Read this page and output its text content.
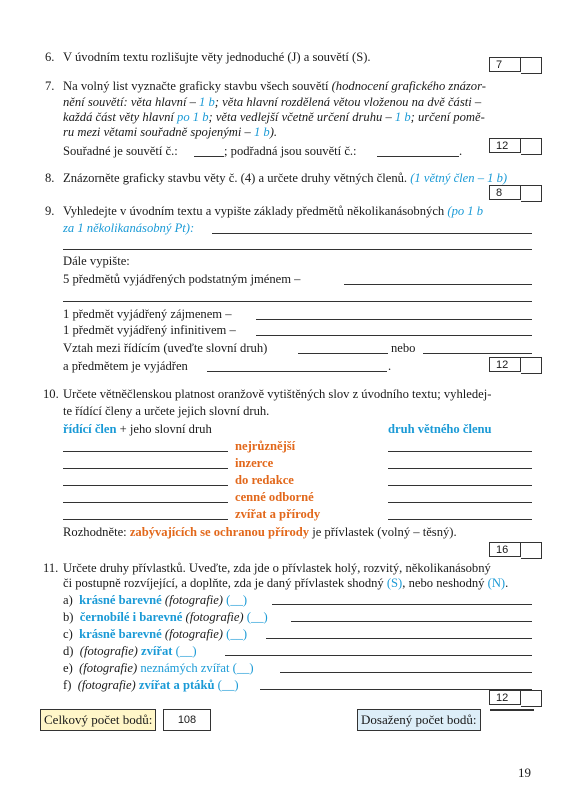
6. V úvodním textu rozlišujte věty jednoduché (J) a souvětí (S).
7
7. Na volný list vyznačte graficky stavbu všech souvětí (hodnocení grafického znázor-
nění souvětí: věta hlavní – 1 b; věta hlavní rozdělená větou vloženou na dvě části –
každá část věty hlavní po 1 b; věta vedlejší včetně určení druhu – 1 b; určení pomě-
ru mezi větami souřadně spojenými – 1 b).
Souřadné je souvětí č.:	; podřadná jsou souvětí č.:	.	12
8. Znázorněte graficky stavbu věty č. (4) a určete druhy větných členů. (1 větný člen – 1 b)
8
9. Vyhledejte v úvodním textu a vypište základy předmětů několikanásobných (po 1 b
za 1 několikanásobný Pt):
Dále vypište:
5 předmětů vyjádřených podstatným jménem –
1 předmět vyjádřený zájmenem –
1 předmět vyjádřený infinitivem –
Vztah mezi řídícím (uveďte slovní druh)	nebo
a předmětem je vyjádřen	.	12
10. Určete větněčlenskou platnost oranžově vytištěných slov z úvodního textu; vyhledej-
te řídící členy a určete jejich slovní druh.
řídící člen + jeho slovní druh	druh větného členu
nejrůznější
inzerce
do redakce
cenné odborné
zvířat a přírody
Rozhodněte: zabývajících se ochranou přírody je přívlastek (volný – těsný).
16
11. Určete druhy přívlastků. Uveďte, zda jde o přívlastek holý, rozvitý, několikanásobný
či postupně rozvíjející, a doplňte, zda je daný přívlastek shodný (S), nebo neshodný (N).
a) krásné barevné (fotografie) (__)
b) černobílé i barevné (fotografie) (__)
c) krásně barevné (fotografie) (__)
d) (fotografie) zvířat (__)
e) (fotografie) neznámých zvířat (__)
f) (fotografie) zvířat a ptáků (__)
12
Celkový počet bodů:	108	Dosažený počet bodů:
19
